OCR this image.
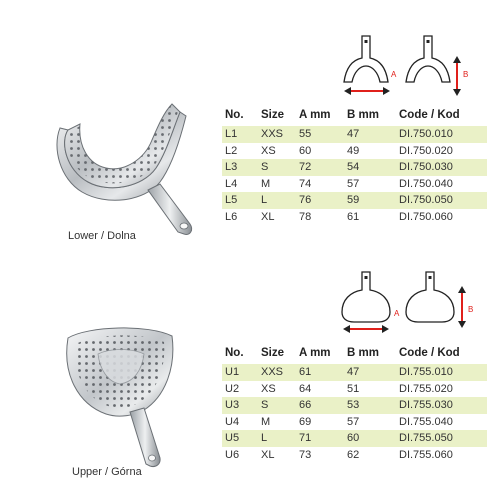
Lower / Dolna
A	B
No.	Size	A mm	B mm	Code / Kod
L1	XXS	55	47	DI.750.010
L2	XS	60	49	DI.750.020
L3	S	72	54	DI.750.030
L4	M	74	57	DI.750.040
L5	L	76	59	DI.750.050
L6	XL	78	61	DI.750.060
Upper / Górna
A	B
No.	Size	A mm	B mm	Code / Kod
U1	XXS	61	47	DI.755.010
U2	XS	64	51	DI.755.020
U3	S	66	53	DI.755.030
U4	M	69	57	DI.755.040
U5	L	71	60	DI.755.050
U6	XL	73	62	DI.755.060
